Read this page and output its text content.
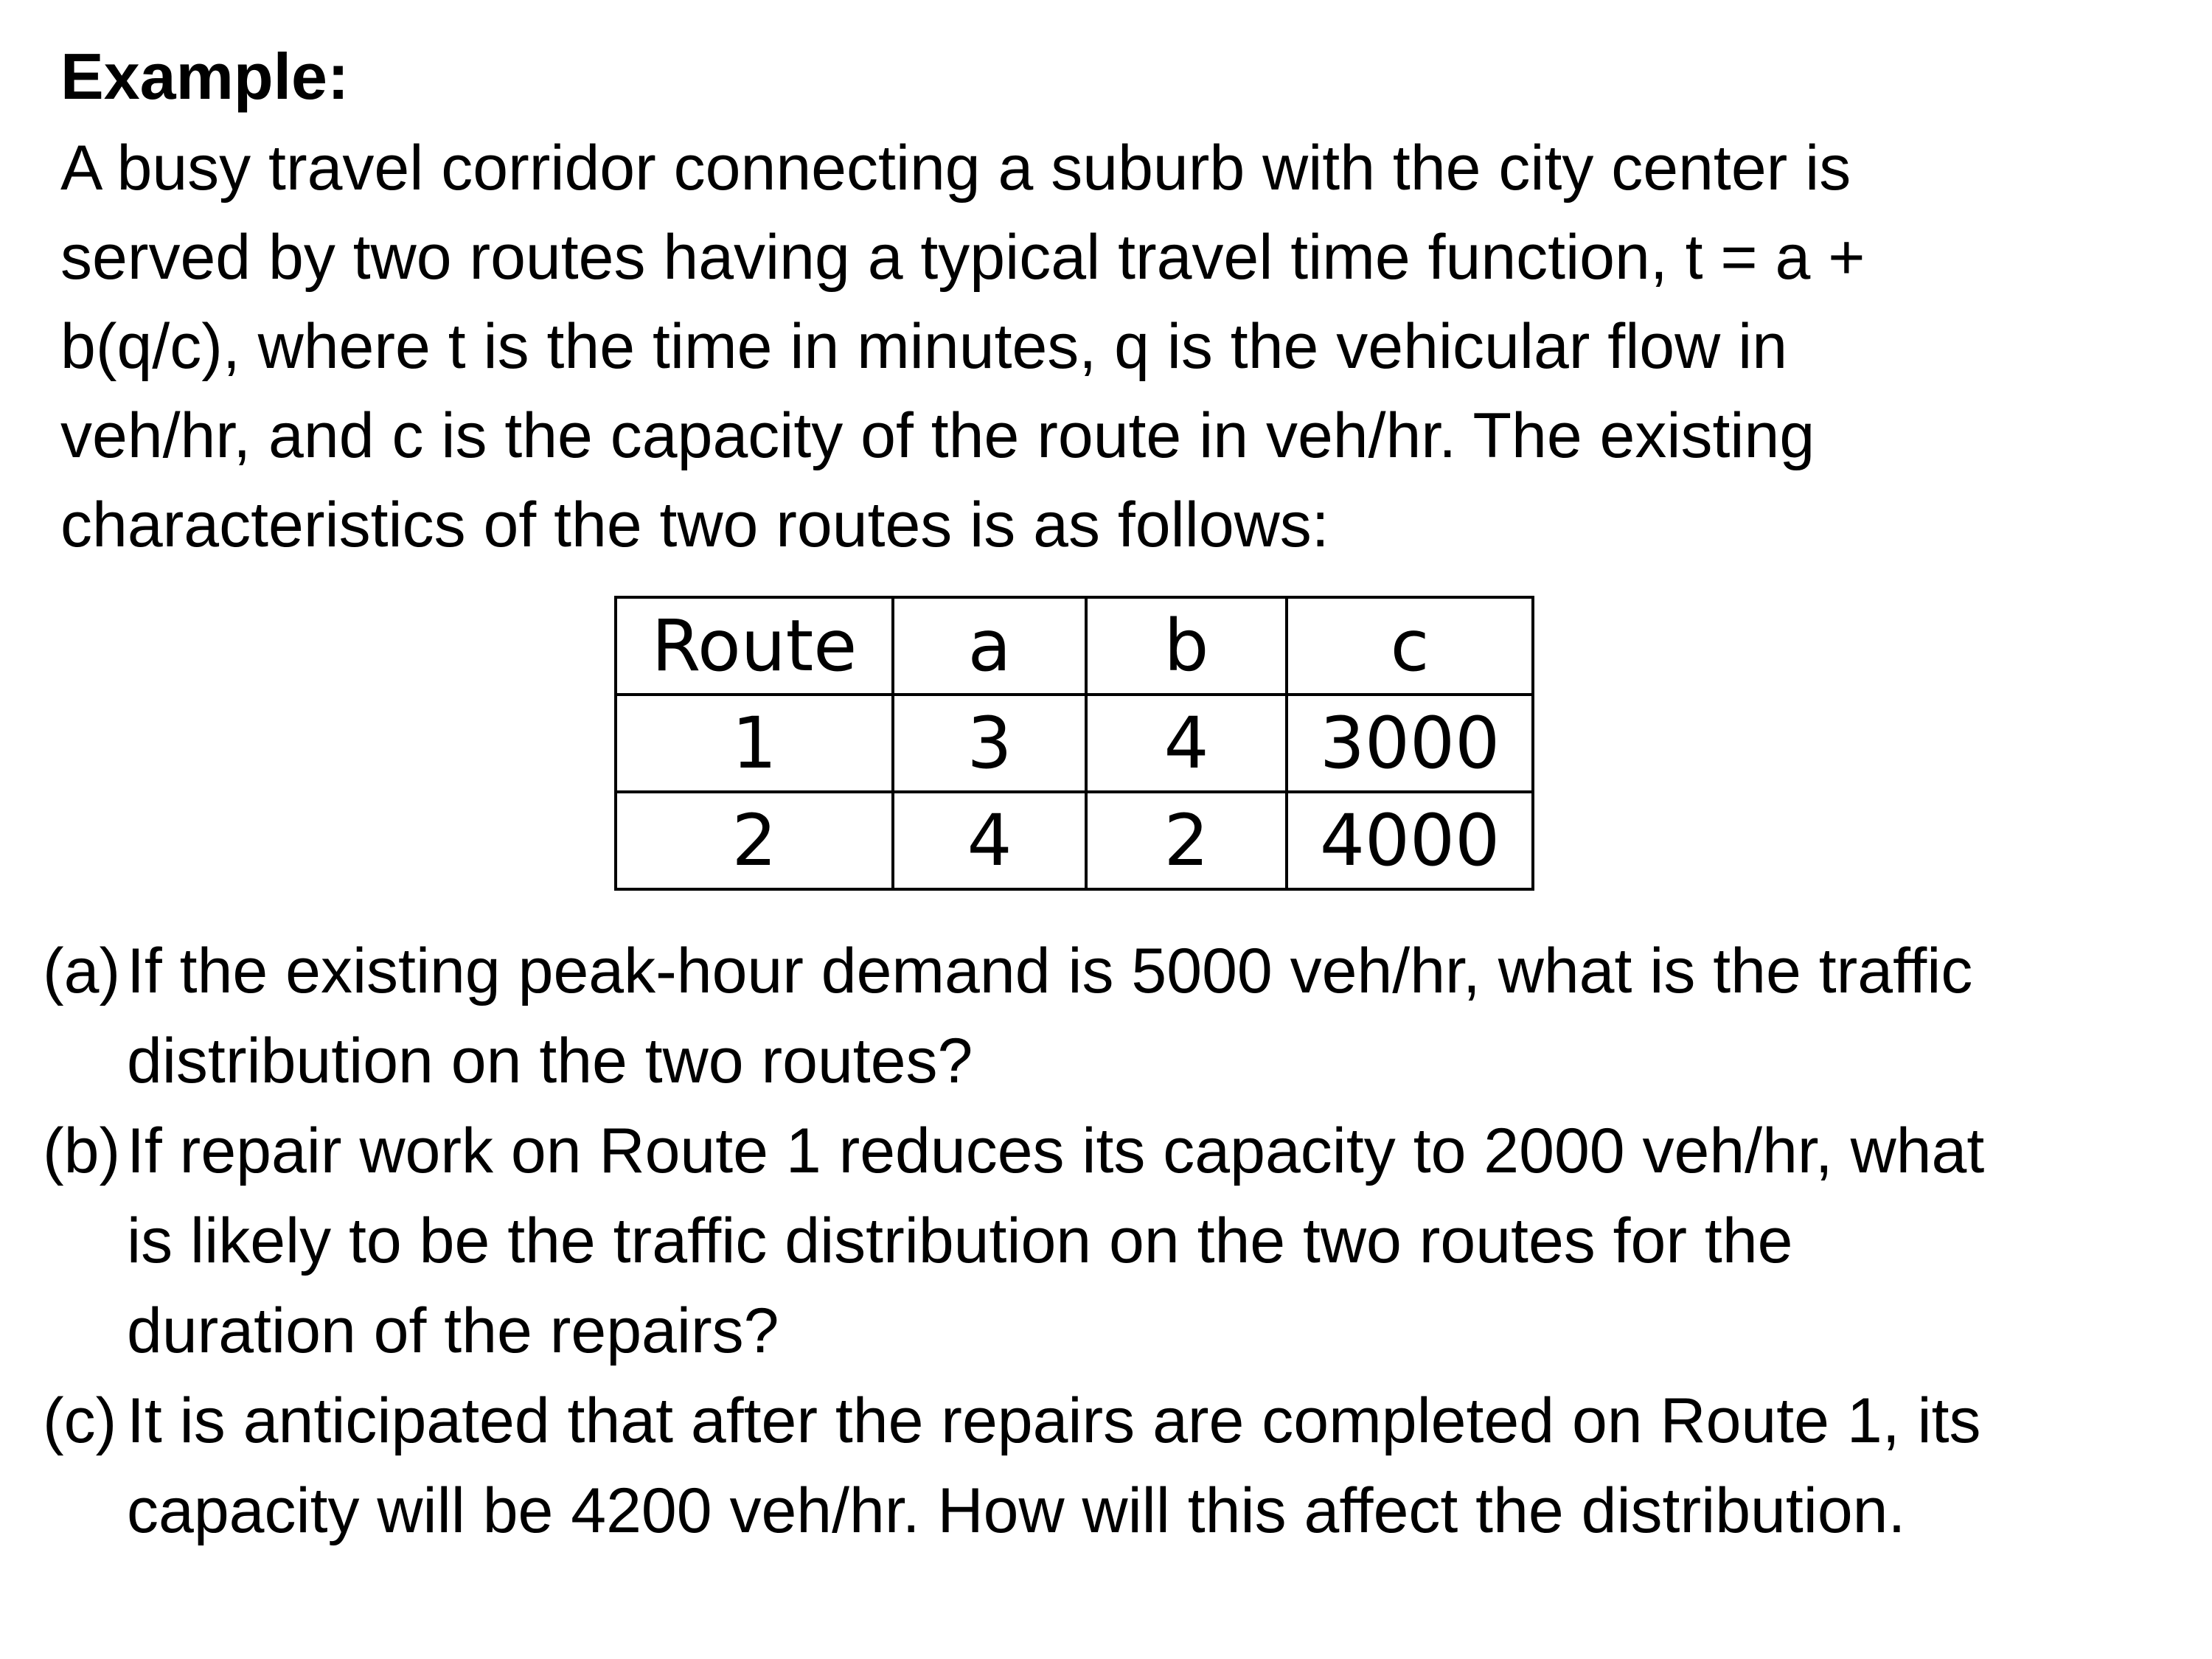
Example:

A busy travel corridor connecting a suburb with the city center is
served by two routes having a typical travel time function, t = a +
b(q/c), where t is the time in minutes, q is the vehicular flow in
veh/hr, and c is the capacity of the route in veh/hr. The existing
characteristics of the two routes is as follows:

Route	a	b	c
1	3	4	3000
2	4	2	4000
(a) If the existing peak-hour demand is 5000 veh/hr, what is the traffic
distribution on the two routes?
(b) If repair work on Route 1 reduces its capacity to 2000 veh/hr, what
is likely to be the traffic distribution on the two routes for the
duration of the repairs?
(c) It is anticipated that after the repairs are completed on Route 1, its
capacity will be 4200 veh/hr. How will this affect the distribution.
